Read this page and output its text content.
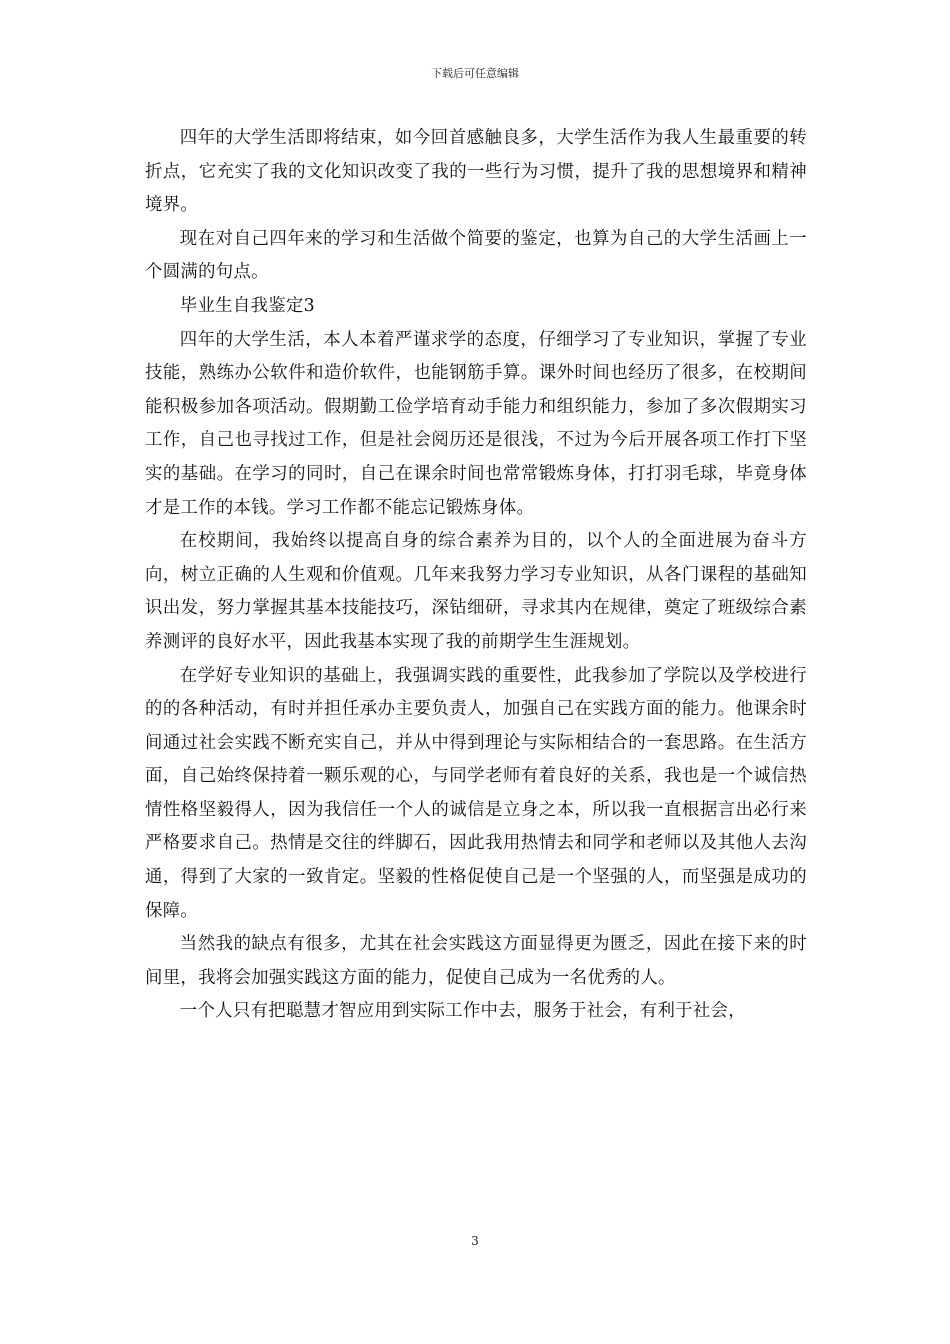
下载后可任意编辑

四年的大学生活即将结束，如今回首感触良多，大学生活作为我人生最重要的转折点，它充实了我的文化知识改变了我的一些行为习惯，提升了我的思想境界和精神境界。

现在对自己四年来的学习和生活做个简要的鉴定，也算为自己的大学生活画上一个圆满的句点。

毕业生自我鉴定3

四年的大学生活，本人本着严谨求学的态度，仔细学习了专业知识，掌握了专业技能，熟练办公软件和造价软件，也能钢筋手算。课外时间也经历了很多，在校期间能积极参加各项活动。假期勤工俭学培育动手能力和组织能力，参加了多次假期实习工作，自己也寻找过工作，但是社会阅历还是很浅，不过为今后开展各项工作打下坚实的基础。在学习的同时，自己在课余时间也常常锻炼身体，打打羽毛球，毕竟身体才是工作的本钱。学习工作都不能忘记锻炼身体。

在校期间，我始终以提高自身的综合素养为目的，以个人的全面进展为奋斗方向，树立正确的人生观和价值观。几年来我努力学习专业知识，从各门课程的基础知识出发，努力掌握其基本技能技巧，深钻细研，寻求其内在规律，奠定了班级综合素养测评的良好水平，因此我基本实现了我的前期学生生涯规划。

在学好专业知识的基础上，我强调实践的重要性，此我参加了学院以及学校进行的的各种活动，有时并担任承办主要负责人，加强自己在实践方面的能力。他课余时间通过社会实践不断充实自己，并从中得到理论与实际相结合的一套思路。在生活方面，自己始终保持着一颗乐观的心，与同学老师有着良好的关系，我也是一个诚信热情性格坚毅得人，因为我信任一个人的诚信是立身之本，所以我一直根据言出必行来严格要求自己。热情是交往的绊脚石，因此我用热情去和同学和老师以及其他人去沟通，得到了大家的一致肯定。坚毅的性格促使自己是一个坚强的人，而坚强是成功的保障。

当然我的缺点有很多，尤其在社会实践这方面显得更为匮乏，因此在接下来的时间里，我将会加强实践这方面的能力，促使自己成为一名优秀的人。

一个人只有把聪慧才智应用到实际工作中去，服务于社会，有利于社会，

3
